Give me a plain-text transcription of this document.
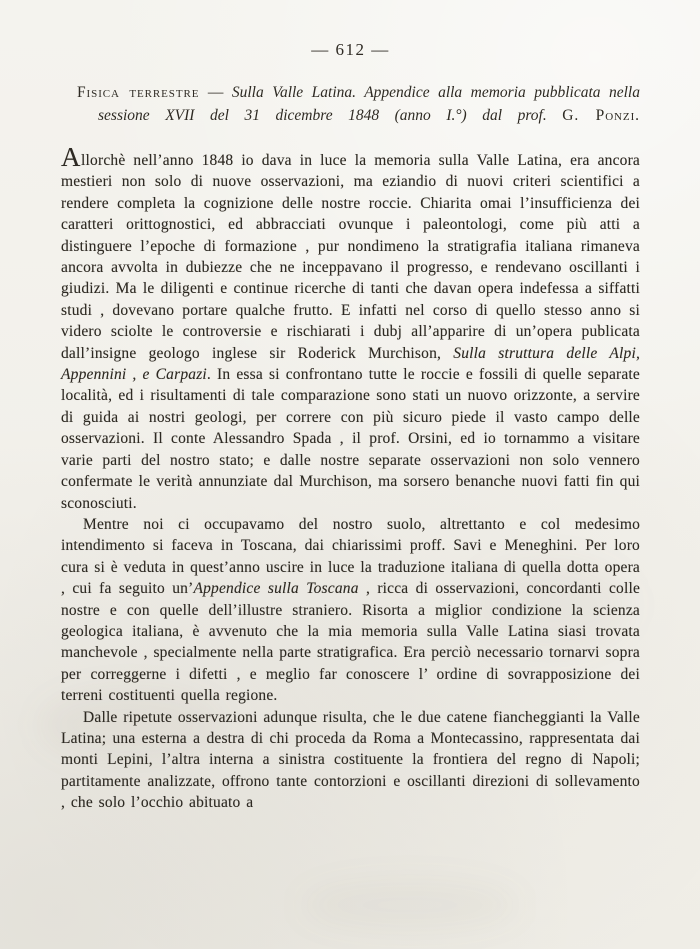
— 612 —

Fisica terrestre — Sulla Valle Latina. Appendice alla memoria pubblicata nella sessione XVII del 31 dicembre 1848 (anno I.°) dal prof. G. Ponzi.

Allorchè nell’anno 1848 io dava in luce la memoria sulla Valle Latina, era ancora mestieri non solo di nuove osservazioni, ma eziandio di nuovi criteri scientifici a rendere completa la cognizione delle nostre roccie. Chiarita omai l’insufficienza dei caratteri orittognostici, ed abbracciati ovunque i paleontologi, come più atti a distinguere l’epoche di formazione , pur nondimeno la stratigrafia italiana rimaneva ancora avvolta in dubiezze che ne inceppavano il progresso, e rendevano oscillanti i giudizi. Ma le diligenti e continue ricerche di tanti che davan opera indefessa a siffatti studi , dovevano portare qualche frutto. E infatti nel corso di quello stesso anno si videro sciolte le controversie e rischiarati i dubj all’apparire di un’opera publicata dall’insigne geologo inglese sir Roderick Murchison, Sulla struttura delle Alpi, Appennini , e Carpazi. In essa si confrontano tutte le roccie e fossili di quelle separate località, ed i risultamenti di tale comparazione sono stati un nuovo orizzonte, a servire di guida ai nostri geologi, per correre con più sicuro piede il vasto campo delle osservazioni. Il conte Alessandro Spada , il prof. Orsini, ed io tornammo a visitare varie parti del nostro stato; e dalle nostre separate osservazioni non solo vennero confermate le verità annunziate dal Murchison, ma sorsero benanche nuovi fatti fin qui sconosciuti.

Mentre noi ci occupavamo del nostro suolo, altrettanto e col medesimo intendimento si faceva in Toscana, dai chiarissimi proff. Savi e Meneghini. Per loro cura si è veduta in quest’anno uscire in luce la traduzione italiana di quella dotta opera , cui fa seguito un’Appendice sulla Toscana , ricca di osservazioni, concordanti colle nostre e con quelle dell’illustre straniero. Risorta a miglior condizione la scienza geologica italiana, è avvenuto che la mia memoria sulla Valle Latina siasi trovata manchevole , specialmente nella parte stratigrafica. Era perciò necessario tornarvi sopra per correggerne i difetti , e meglio far conoscere l’ ordine di sovrapposizione dei terreni costituenti quella regione.

Dalle ripetute osservazioni adunque risulta, che le due catene fiancheggianti la Valle Latina; una esterna a destra di chi proceda da Roma a Montecassino, rappresentata dai monti Lepini, l’altra interna a sinistra costituente la frontiera del regno di Napoli; partitamente analizzate, offrono tante contorzioni e oscillanti direzioni di sollevamento , che solo l’occhio abituato a
